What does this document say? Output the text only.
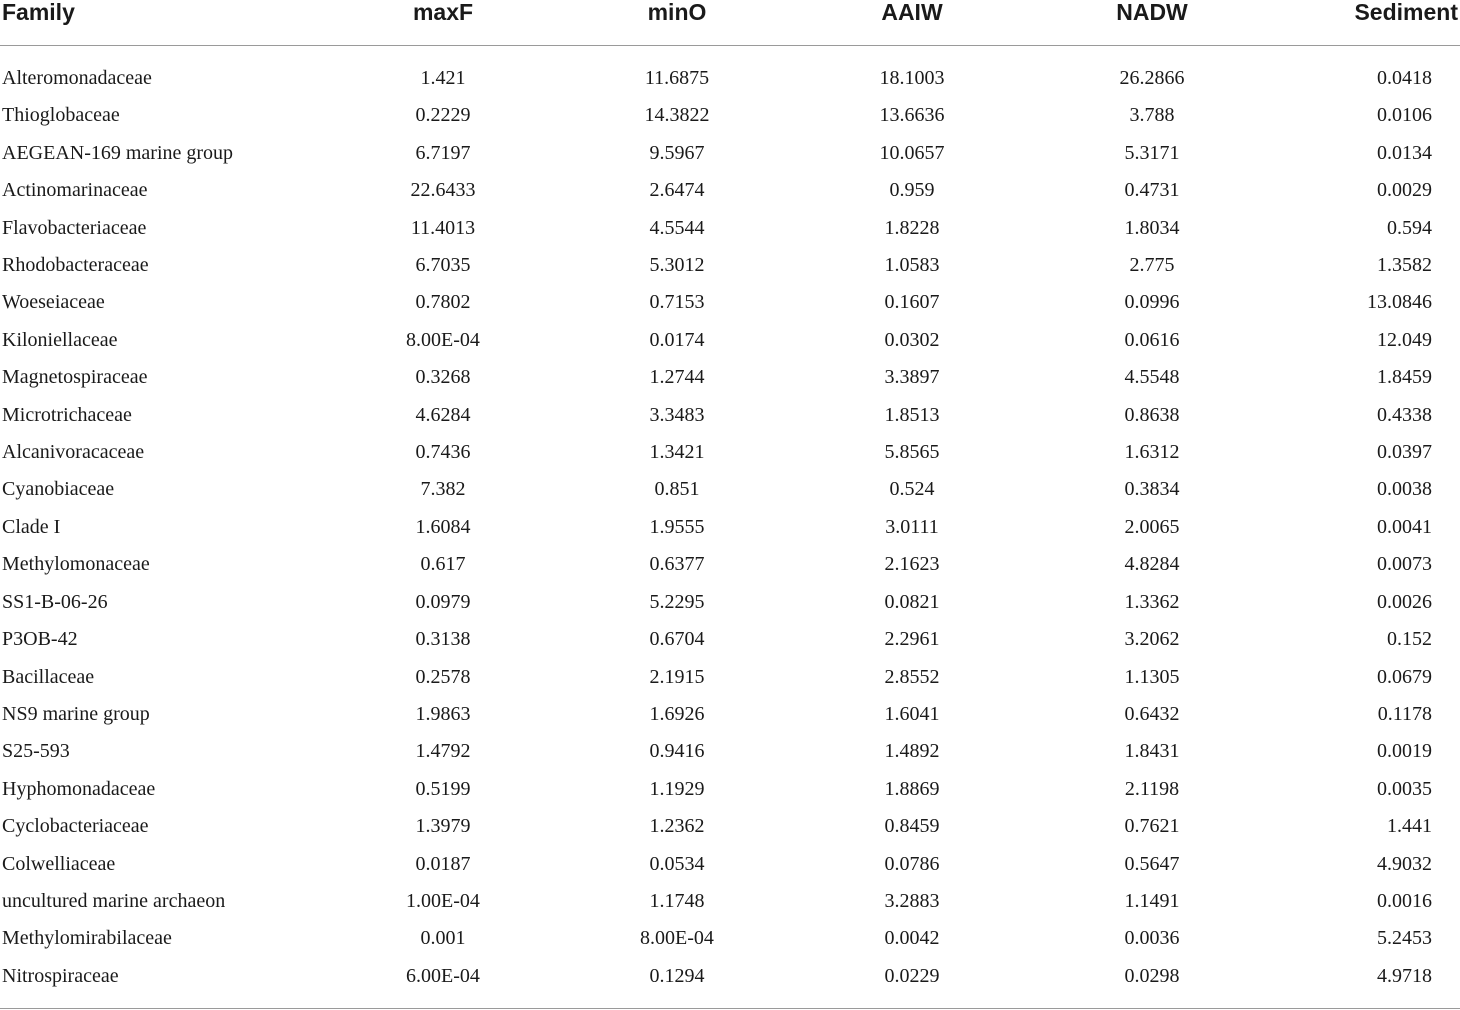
Family	maxF	minO	AAIW	NADW	Sediment
Alteromonadaceae	1.421	11.6875	18.1003	26.2866	0.0418
Thioglobaceae	0.2229	14.3822	13.6636	3.788	0.0106
AEGEAN-169 marine group	6.7197	9.5967	10.0657	5.3171	0.0134
Actinomarinaceae	22.6433	2.6474	0.959	0.4731	0.0029
Flavobacteriaceae	11.4013	4.5544	1.8228	1.8034	0.594
Rhodobacteraceae	6.7035	5.3012	1.0583	2.775	1.3582
Woeseiaceae	0.7802	0.7153	0.1607	0.0996	13.0846
Kiloniellaceae	8.00E-04	0.0174	0.0302	0.0616	12.049
Magnetospiraceae	0.3268	1.2744	3.3897	4.5548	1.8459
Microtrichaceae	4.6284	3.3483	1.8513	0.8638	0.4338
Alcanivoracaceae	0.7436	1.3421	5.8565	1.6312	0.0397
Cyanobiaceae	7.382	0.851	0.524	0.3834	0.0038
Clade I	1.6084	1.9555	3.0111	2.0065	0.0041
Methylomonaceae	0.617	0.6377	2.1623	4.8284	0.0073
SS1-B-06-26	0.0979	5.2295	0.0821	1.3362	0.0026
P3OB-42	0.3138	0.6704	2.2961	3.2062	0.152
Bacillaceae	0.2578	2.1915	2.8552	1.1305	0.0679
NS9 marine group	1.9863	1.6926	1.6041	0.6432	0.1178
S25-593	1.4792	0.9416	1.4892	1.8431	0.0019
Hyphomonadaceae	0.5199	1.1929	1.8869	2.1198	0.0035
Cyclobacteriaceae	1.3979	1.2362	0.8459	0.7621	1.441
Colwelliaceae	0.0187	0.0534	0.0786	0.5647	4.9032
uncultured marine archaeon	1.00E-04	1.1748	3.2883	1.1491	0.0016
Methylomirabilaceae	0.001	8.00E-04	0.0042	0.0036	5.2453
Nitrospiraceae	6.00E-04	0.1294	0.0229	0.0298	4.9718
